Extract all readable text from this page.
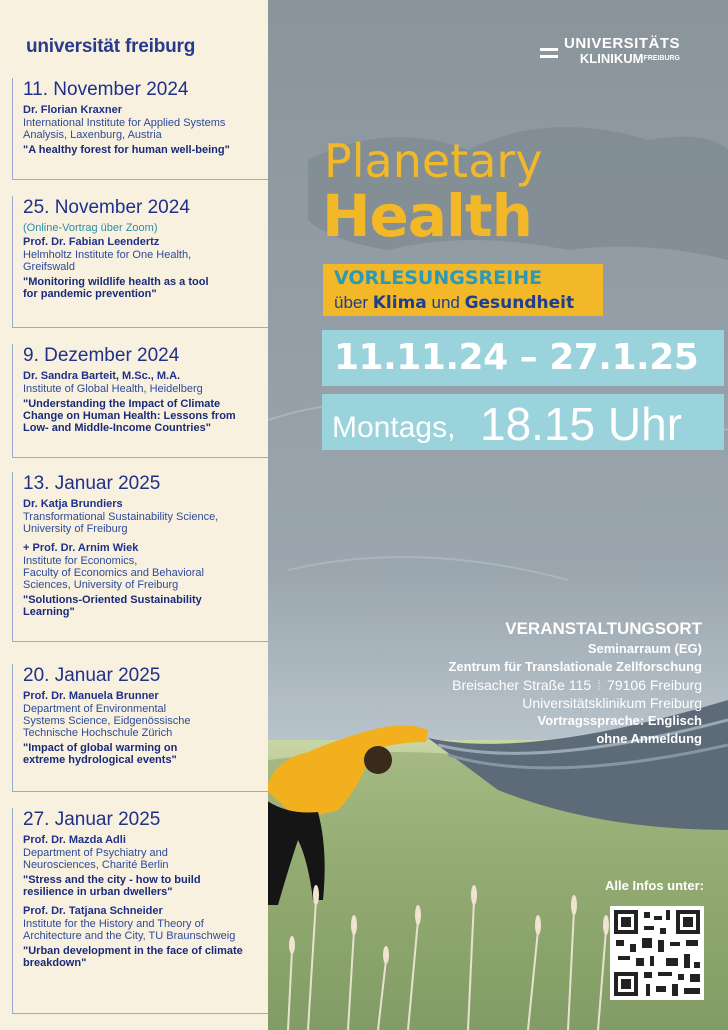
universität freiburg
11. November 2024
Dr. Florian Kraxner
International Institute for Applied Systems
Analysis, Laxenburg, Austria
"A healthy forest for human well-being"
25. November 2024
(Online-Vortrag über Zoom)
Prof. Dr. Fabian Leendertz
Helmholtz Institute for One Health,
Greifswald
"Monitoring wildlife health as a tool
for pandemic prevention"
9. Dezember 2024
Dr. Sandra Barteit, M.Sc., M.A.
Institute of Global Health, Heidelberg
"Understanding the Impact of Climate
Change on Human Health: Lessons from
Low- and Middle-Income Countries"
13. Januar 2025
Dr. Katja Brundiers
Transformational Sustainability Science,
University of Freiburg
+ Prof. Dr. Arnim Wiek
Institute for Economics,
Faculty of Economics and Behavioral
Sciences, University of Freiburg
"Solutions-Oriented Sustainability
Learning"
20. Januar 2025
Prof. Dr. Manuela Brunner
Department of Environmental
Systems Science, Eidgenössische
Technische Hochschule Zürich
"Impact of global warming on
extreme hydrological events"
27. Januar 2025
Prof. Dr. Mazda Adli
Department of Psychiatry and
Neurosciences, Charité Berlin
"Stress and the city - how to build
resilience in urban dwellers"
Prof. Dr. Tatjana Schneider
Institute for the History and Theory of
Architecture and the City, TU Braunschweig
"Urban development in the face of climate
breakdown"
UNIVERSITÄTS
$KLINIKUM^{FREIBURG}$
Planetary
Health
VORLESUNGSREIHE
über Klima und Gesundheit
11.11.24 – 27.1.25
Montags, 18.15 Uhr
VERANSTALTUNGSORT
Seminarraum (EG)
Zentrum für Translationale Zellforschung
Breisacher Straße 115 ⁞ 79106 Freiburg
Universitätsklinikum Freiburg
Vortragssprache: Englisch
ohne Anmeldung
Alle Infos unter:
